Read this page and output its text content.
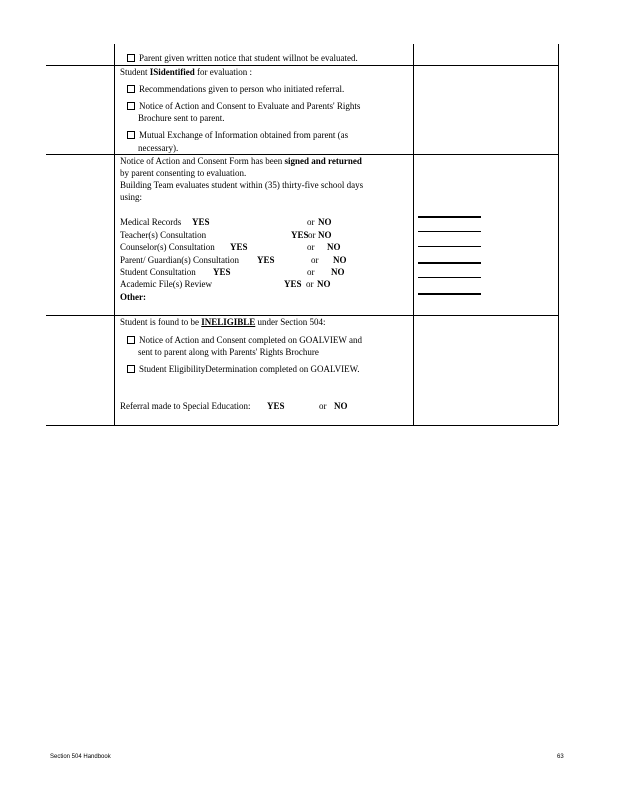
Parent given written notice that student willnot be evaluated.
Student ISidentified for evaluation :
Recommendations given to person who initiated referral.
Notice of Action and Consent to Evaluate and Parents' Rights
Brochure sent to parent.
Mutual Exchange of Information obtained from parent (as
necessary).
Notice of Action and Consent Form has been signed and returned
by parent consenting to evaluation.
Building Team evaluates student within (35) thirty-five school days
using:
Medical Records YES	or NO
Teacher(s) Consultation	YES or NO
Counselor(s) Consultation YES	or NO
Parent/ Guardian(s) Consultation YES	or NO
Student Consultation YES	or NO
Academic File(s) Review	YES or NO
Other:
Student is found to be INELIGIBLE under Section 504:
Notice of Action and Consent completed on GOALVIEW and
sent to parent along with Parents' Rights Brochure
Student EligibilityDetermination completed on GOALVIEW.
Referral made to Special Education: YES	or NO
Section 504 Handbook	63
